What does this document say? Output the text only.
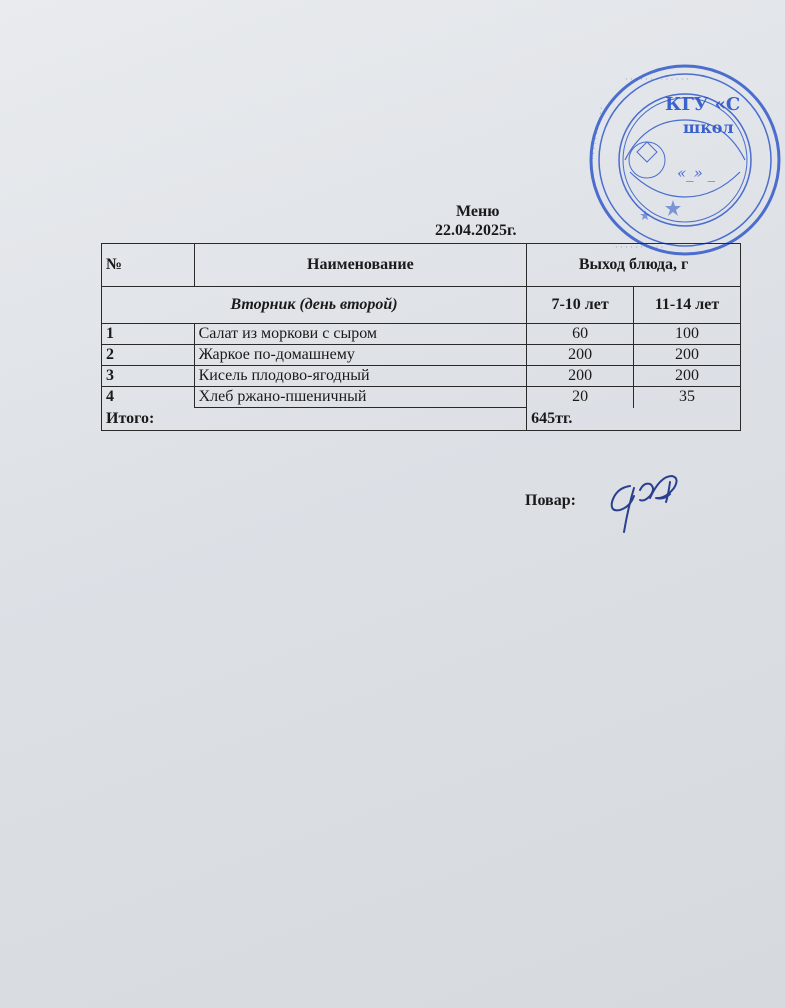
· · · · · · · · · · · · ·
· · · · · · · · · · ·
· · · · · · · · · ·
КГУ «С
школ
«_» _
Меню
22.04.2025г.
№	Наименование	Выход блюда, г	
Вторник (день второй)		7-10 лет	11-14 лет
1	Салат из моркови с сыром	60	100
2	Жаркое по-домашнему	200	200
3	Кисель плодово-ягодный	200	200
4	Хлеб ржано-пшеничный	20	35
Итого:		645тг.	
Повар:
